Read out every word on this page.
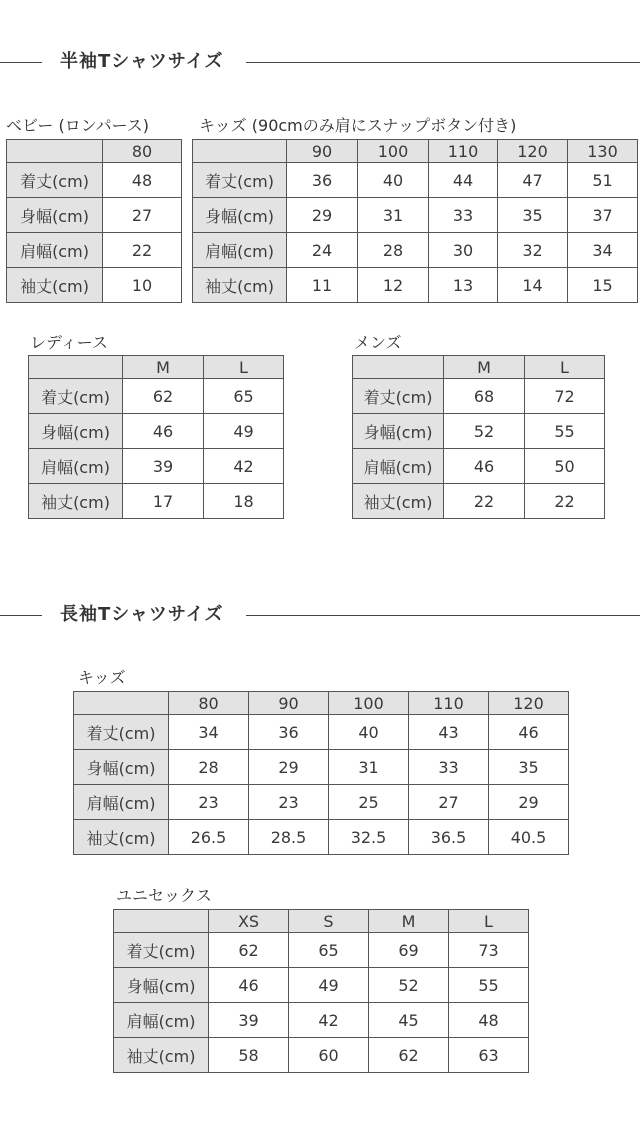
半袖Tシャツサイズ
ベビー (ロンパース)
	80
着丈(cm)	48
身幅(cm)	27
肩幅(cm)	22
袖丈(cm)	10
キッズ (90cmのみ肩にスナップボタン付き)
	90	100	110	120	130
着丈(cm)	36	40	44	47	51
身幅(cm)	29	31	33	35	37
肩幅(cm)	24	28	30	32	34
袖丈(cm)	11	12	13	14	15
レディース
	M	L
着丈(cm)	62	65
身幅(cm)	46	49
肩幅(cm)	39	42
袖丈(cm)	17	18
メンズ
	M	L
着丈(cm)	68	72
身幅(cm)	52	55
肩幅(cm)	46	50
袖丈(cm)	22	22
長袖Tシャツサイズ
キッズ
	80	90	100	110	120
着丈(cm)	34	36	40	43	46
身幅(cm)	28	29	31	33	35
肩幅(cm)	23	23	25	27	29
袖丈(cm)	26.5	28.5	32.5	36.5	40.5
ユニセックス
	XS	S	M	L
着丈(cm)	62	65	69	73
身幅(cm)	46	49	52	55
肩幅(cm)	39	42	45	48
袖丈(cm)	58	60	62	63
